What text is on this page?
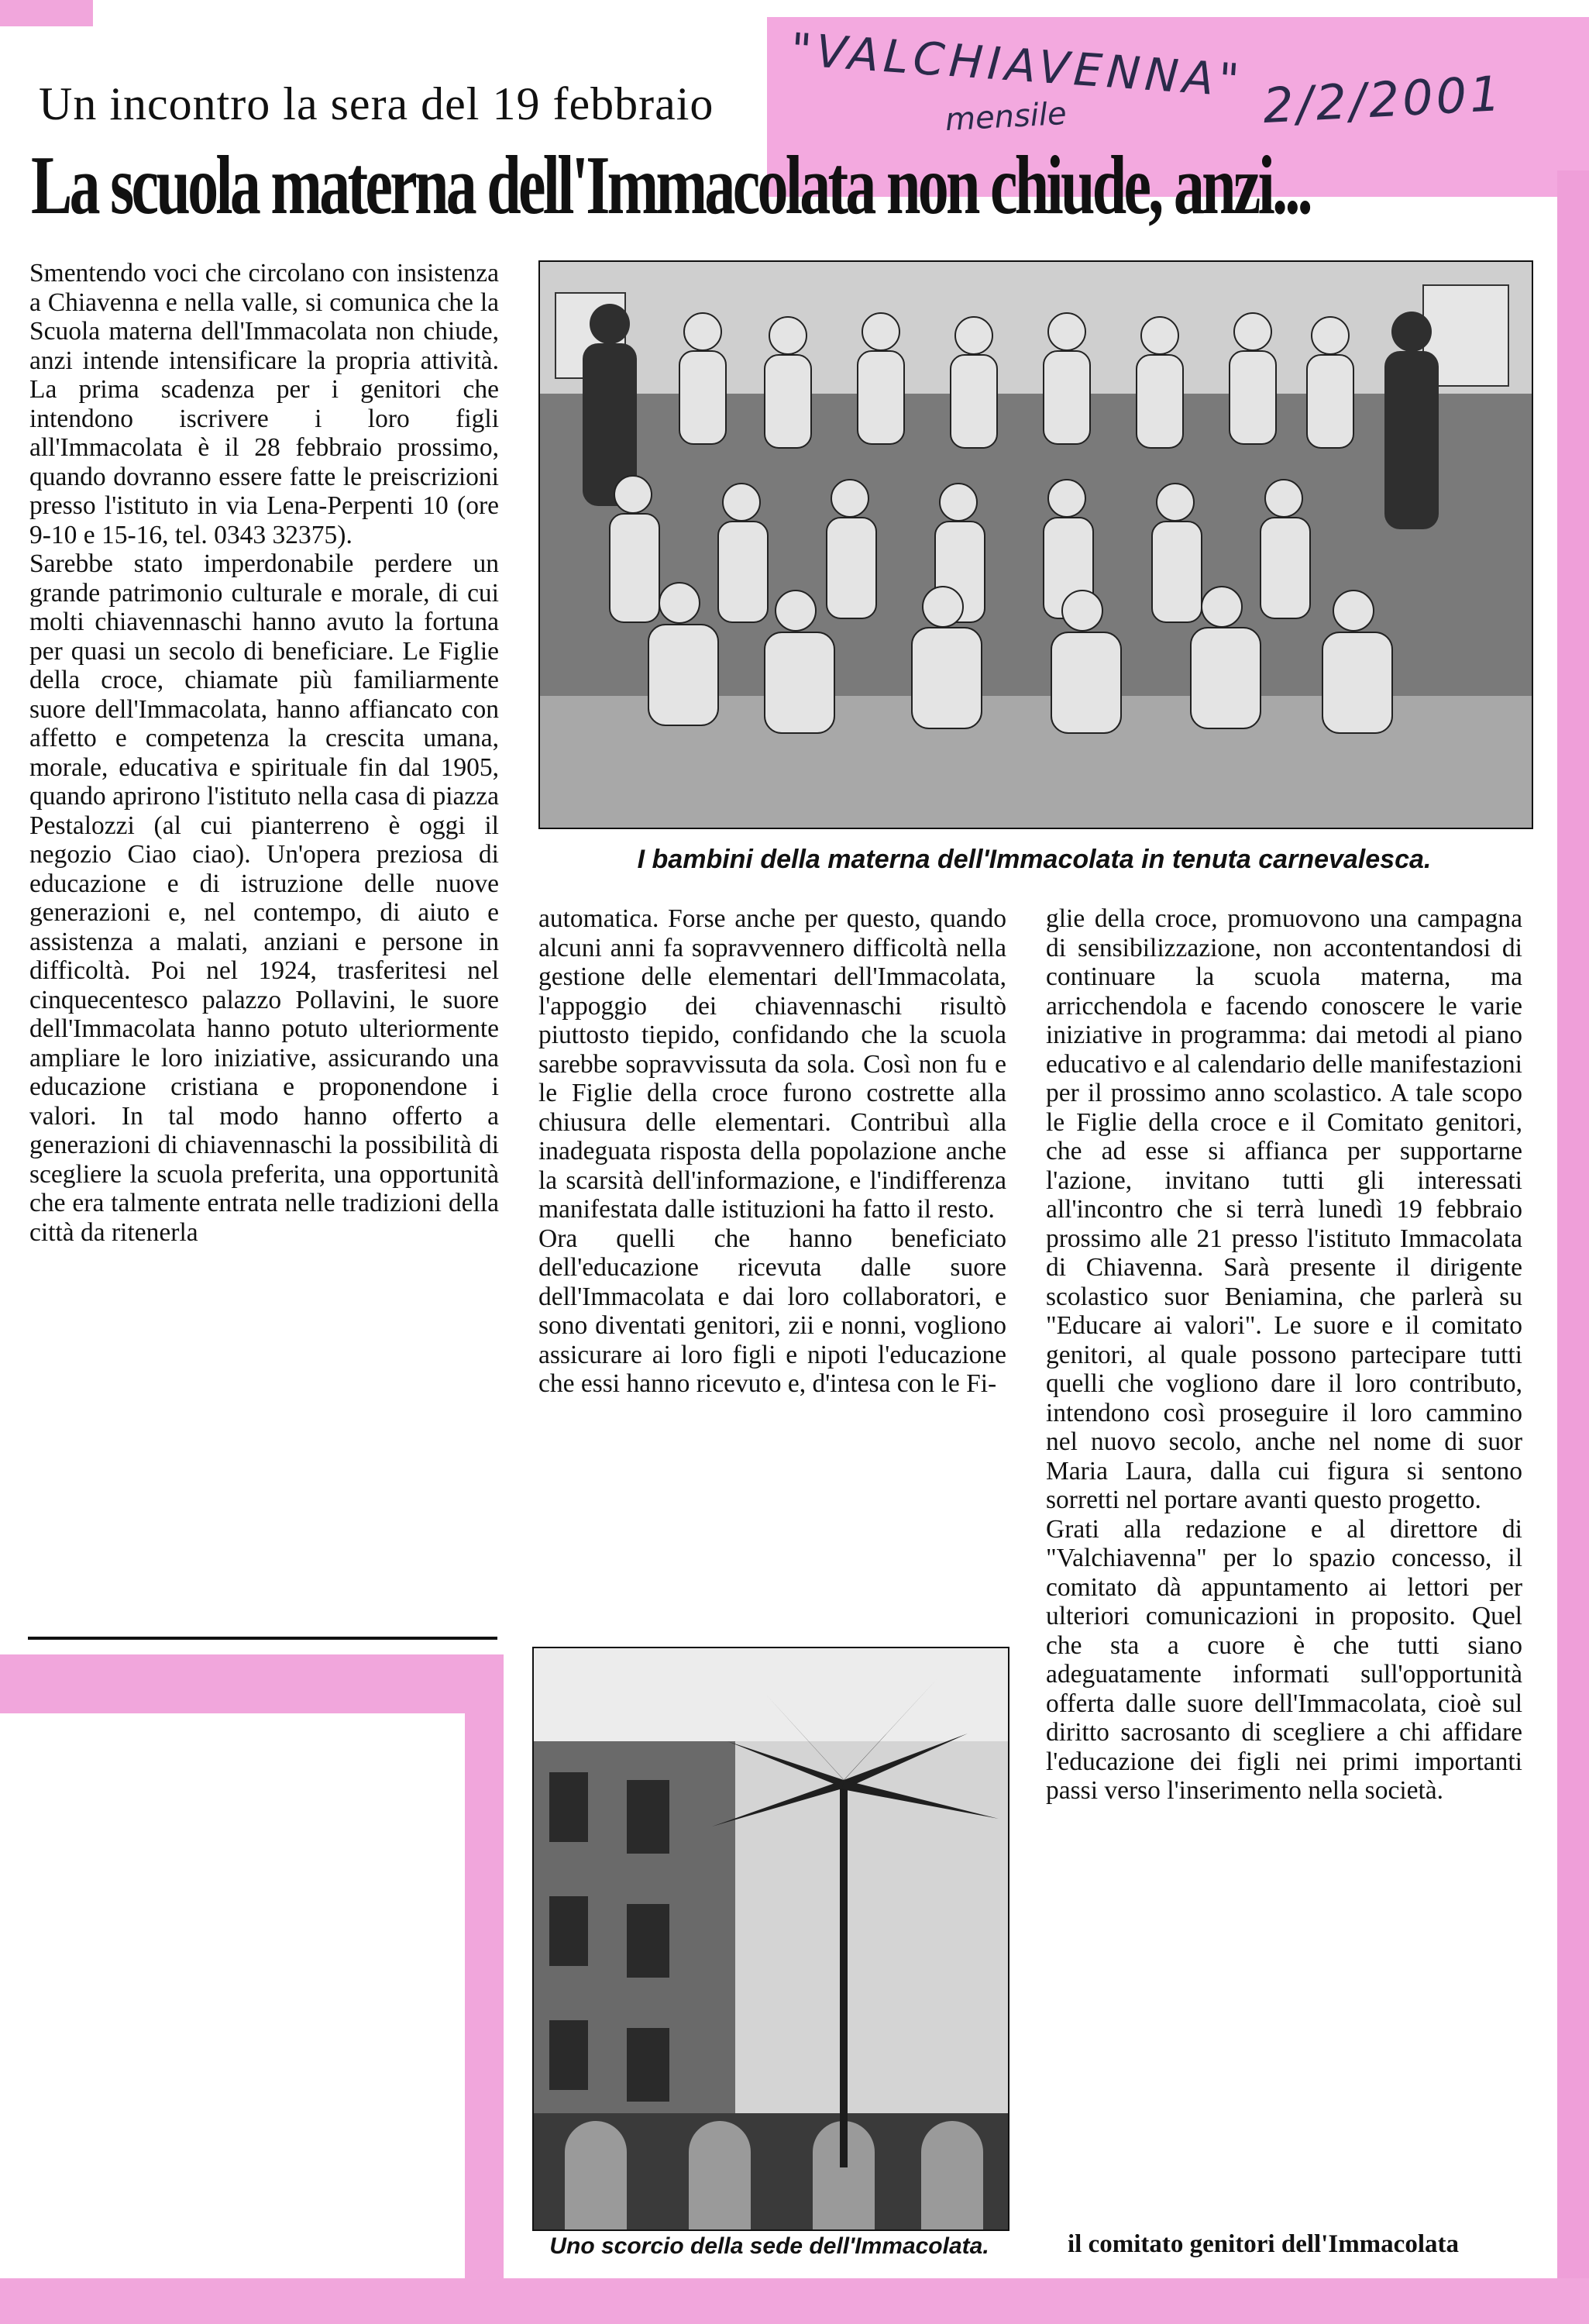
"VALCHIAVENNA"
mensile	2/2/2001
Un incontro la sera del 19 febbraio
La scuola materna dell'Immacolata non chiude, anzi...

Smentendo voci che circolano con insistenza a Chiavenna e nella valle, si comunica che la Scuola materna dell'Immacolata non chiude, anzi intende intensificare la propria attività. La prima scadenza per i genitori che intendono iscrivere i loro figli all'Immacolata è il 28 febbraio prossimo, quando dovranno essere fatte le preiscrizioni presso l'istituto in via Lena-Perpenti 10 (ore 9-10 e 15-16, tel. 0343 32375).

Sarebbe stato imperdonabile perdere un grande patrimonio culturale e morale, di cui molti chiavennaschi hanno avuto la fortuna per quasi un secolo di beneficiare. Le Figlie della croce, chiamate più familiarmente suore dell'Immacolata, hanno affiancato con affetto e competenza la crescita umana, morale, educativa e spirituale fin dal 1905, quando aprirono l'istituto nella casa di piazza Pestalozzi (al cui pianterreno è oggi il negozio Ciao ciao). Un'opera preziosa di educazione e di istruzione delle nuove generazioni e, nel contempo, di aiuto e assistenza a malati, anziani e persone in difficoltà. Poi nel 1924, trasferitesi nel cinquecentesco palazzo Pollavini, le suore dell'Immacolata hanno potuto ulteriormente ampliare le loro iniziative, assicurando una educazione cristiana e proponendone i valori. In tal modo hanno offerto a generazioni di chiavennaschi la possibilità di scegliere la scuola preferita, una opportunità che era talmente entrata nelle tradizioni della città da ritenerla

I bambini della materna dell'Immacolata in tenuta carnevalesca.

automatica. Forse anche per questo, quando alcuni anni fa sopravvennero difficoltà nella gestione delle elementari dell'Immacolata, l'appoggio dei chiavennaschi risultò piuttosto tiepido, confidando che la scuola sarebbe sopravvissuta da sola. Così non fu e le Figlie della croce furono costrette alla chiusura delle elementari. Contribuì alla inadeguata risposta della popolazione anche la scarsità dell'informazione, e l'indifferenza manifestata dalle istituzioni ha fatto il resto.

Ora quelli che hanno beneficiato dell'educazione ricevuta dalle suore dell'Immacolata e dai loro collaboratori, e sono diventati genitori, zii e nonni, vogliono assicurare ai loro figli e nipoti l'educazione che essi hanno ricevuto e, d'intesa con le Fi-

Uno scorcio della sede dell'Immacolata.

glie della croce, promuovono una campagna di sensibilizzazione, non accontentandosi di continuare la scuola materna, ma arricchendola e facendo conoscere le varie iniziative in programma: dai metodi al piano educativo e al calendario delle manifestazioni per il prossimo anno scolastico. A tale scopo le Figlie della croce e il Comitato genitori, che ad esse si affianca per supportarne l'azione, invitano tutti gli interessati all'incontro che si terrà lunedì 19 febbraio prossimo alle 21 presso l'istituto Immacolata di Chiavenna. Sarà presente il dirigente scolastico suor Beniamina, che parlerà su "Educare ai valori". Le suore e il comitato genitori, al quale possono partecipare tutti quelli che vogliono dare il loro contributo, intendono così proseguire il loro cammino nel nuovo secolo, anche nel nome di suor Maria Laura, dalla cui figura si sentono sorretti nel portare avanti questo progetto.

Grati alla redazione e al direttore di "Valchiavenna" per lo spazio concesso, il comitato dà appuntamento ai lettori per ulteriori comunicazioni in proposito. Quel che sta a cuore è che tutti siano adeguatamente informati sull'opportunità offerta dalle suore dell'Immacolata, cioè sul diritto sacrosanto di scegliere a chi affidare l'educazione dei figli nei primi importanti passi verso l'inserimento nella società.

il comitato genitori dell'Immacolata
